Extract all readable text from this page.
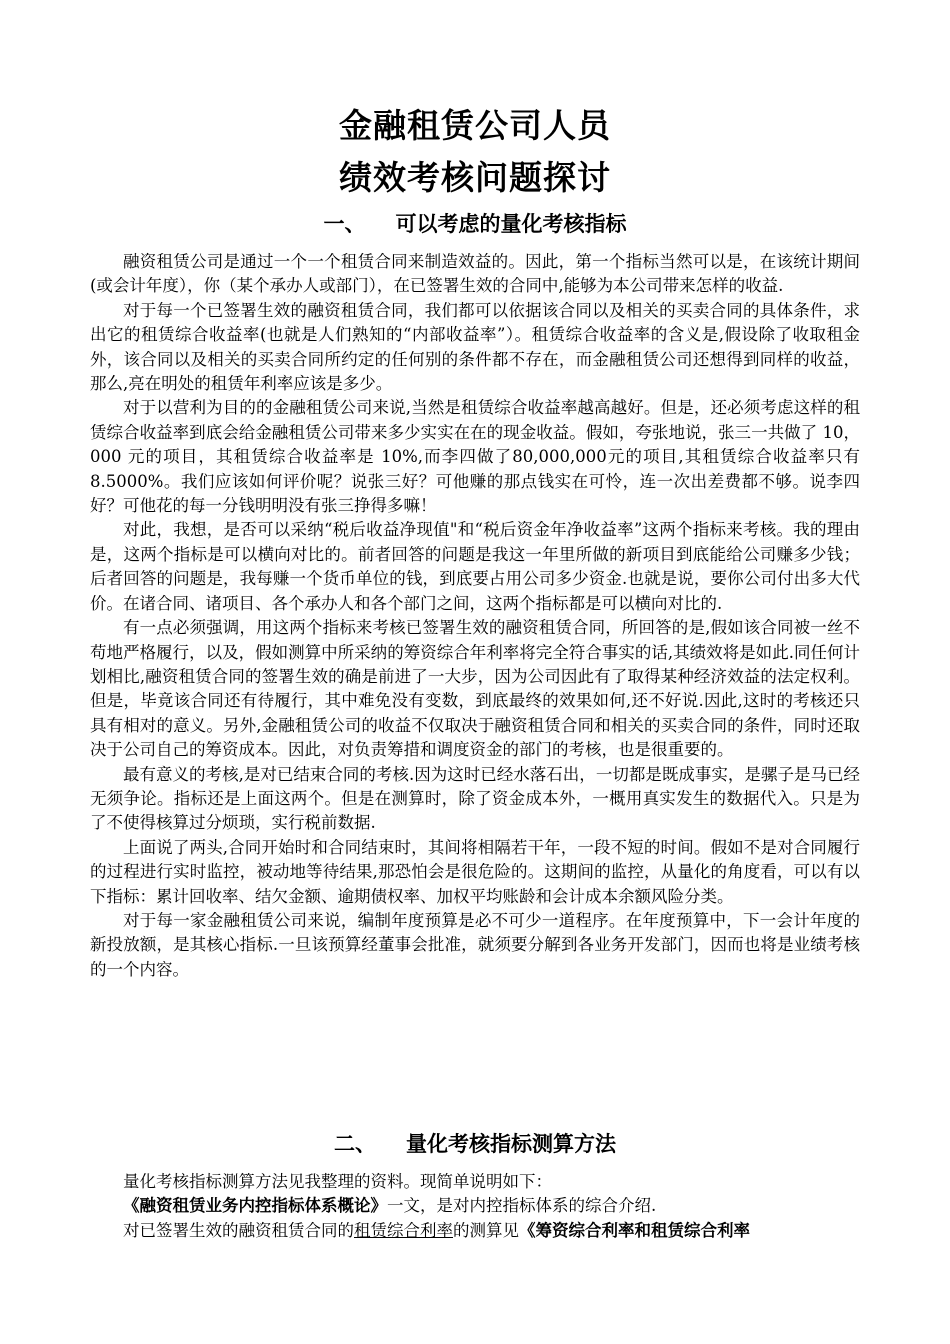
金融租赁公司人员
绩效考核问题探讨
一、 可以考虑的量化考核指标

融资租赁公司是通过一个一个租赁合同来制造效益的。因此，第一个指标当然可以是，在该统计期间(或会计年度），你（某个承办人或部门），在已签署生效的合同中,能够为本公司带来怎样的收益.

对于每一个已签署生效的融资租赁合同，我们都可以依据该合同以及相关的买卖合同的具体条件，求出它的租赁综合收益率(也就是人们熟知的“内部收益率”）。租赁综合收益率的含义是,假设除了收取租金外，该合同以及相关的买卖合同所约定的任何别的条件都不存在，而金融租赁公司还想得到同样的收益，那么,亮在明处的租赁年利率应该是多少。

对于以营利为目的的金融租赁公司来说,当然是租赁综合收益率越高越好。但是，还必须考虑这样的租赁综合收益率到底会给金融租赁公司带来多少实实在在的现金收益。假如，夸张地说，张三一共做了 10，000 元的项目，其租赁综合收益率是 10%,而李四做了80,000,000元的项目,其租赁综合收益率只有 8.5000%。我们应该如何评价呢？说张三好？可他赚的那点钱实在可怜，连一次出差费都不够。说李四好？可他花的每一分钱明明没有张三挣得多嘛！

对此，我想，是否可以采纳“税后收益净现值"和“税后资金年净收益率”这两个指标来考核。我的理由是，这两个指标是可以横向对比的。前者回答的问题是我这一年里所做的新项目到底能给公司赚多少钱；后者回答的问题是，我每赚一个货币单位的钱，到底要占用公司多少资金.也就是说，要你公司付出多大代价。在诸合同、诸项目、各个承办人和各个部门之间，这两个指标都是可以横向对比的.

有一点必须强调，用这两个指标来考核已签署生效的融资租赁合同，所回答的是,假如该合同被一丝不苟地严格履行，以及，假如测算中所采纳的筹资综合年利率将完全符合事实的话,其绩效将是如此.同任何计划相比,融资租赁合同的签署生效的确是前进了一大步，因为公司因此有了取得某种经济效益的法定权利。但是，毕竟该合同还有待履行，其中难免没有变数，到底最终的效果如何,还不好说.因此,这时的考核还只具有相对的意义。另外,金融租赁公司的收益不仅取决于融资租赁合同和相关的买卖合同的条件，同时还取决于公司自己的筹资成本。因此，对负责筹措和调度资金的部门的考核，也是很重要的。

最有意义的考核,是对已结束合同的考核.因为这时已经水落石出，一切都是既成事实，是骡子是马已经无须争论。指标还是上面这两个。但是在测算时，除了资金成本外，一概用真实发生的数据代入。只是为了不使得核算过分烦琐，实行税前数据.

上面说了两头,合同开始时和合同结束时，其间将相隔若干年，一段不短的时间。假如不是对合同履行的过程进行实时监控，被动地等待结果,那恐怕会是很危险的。这期间的监控，从量化的角度看，可以有以下指标：累计回收率、结欠金额、逾期债权率、加权平均账龄和会计成本余额风险分类。

对于每一家金融租赁公司来说，编制年度预算是必不可少一道程序。在年度预算中，下一会计年度的新投放额，是其核心指标.一旦该预算经董事会批准，就须要分解到各业务开发部门，因而也将是业绩考核的一个内容。

二、 量化考核指标测算方法

量化考核指标测算方法见我整理的资料。现简单说明如下：

《融资租赁业务内控指标体系概论》一文，是对内控指标体系的综合介绍.

对已签署生效的融资租赁合同的租赁综合利率的测算见《筹资综合利率和租赁综合利率
